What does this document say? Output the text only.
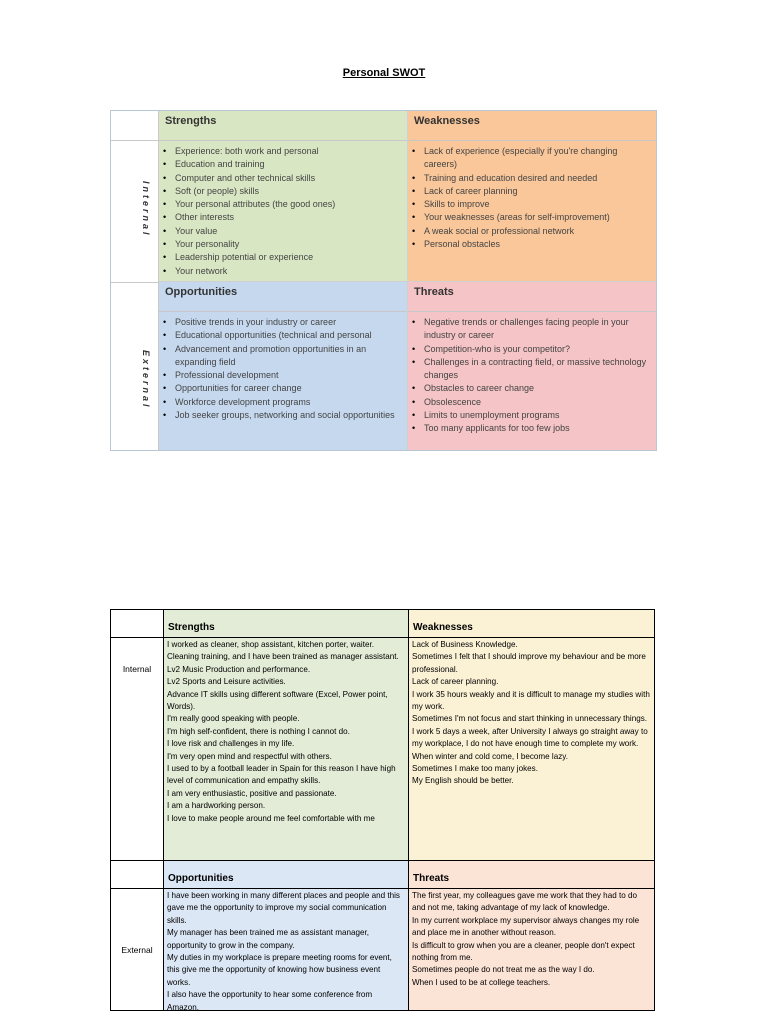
Personal SWOT
Internal
External
Strengths
• Experience: both work and personal
• Education and training
• Computer and other technical skills
• Soft (or people) skills
• Your personal attributes (the good ones)
• Other interests
• Your value
• Your personality
• Leadership potential or experience
• Your network
Weaknesses
• Lack of experience (especially if you're changing careers)
• Training and education desired and needed
• Lack of career planning
• Skills to improve
• Your weaknesses (areas for self-improvement)
• A weak social or professional network
• Personal obstacles
Opportunities
• Positive trends in your industry or career
• Educational opportunities (technical and personal
• Advancement and promotion opportunities in an expanding field
• Professional development
• Opportunities for career change
• Workforce development programs
• Job seeker groups, networking and social opportunities
Threats
• Negative trends or challenges facing people in your industry or career
• Competition-who is your competitor?
• Challenges in a contracting field, or massive technology changes
• Obstacles to career change
• Obsolescence
• Limits to unemployment programs
• Too many applicants for too few jobs
Strengths	Weaknesses
Internal
I worked as cleaner, shop assistant, kitchen porter, waiter.
Cleaning training, and I have been trained as manager assistant.
Lv2 Music Production and performance.
Lv2 Sports and Leisure activities.
Advance IT skills using different software (Excel, Power point, Words).
I'm really good speaking with people.
I'm high self-confident, there is nothing I cannot do.
I love risk and challenges in my life.
I'm very open mind and respectful with others.
I used to by a football leader in Spain for this reason I have high level of communication and empathy skills.
I am very enthusiastic, positive and passionate.
I am a hardworking person.
I love to make people around me feel comfortable with me
Lack of Business Knowledge.
Sometimes I felt that I should improve my behaviour and be more professional.
Lack of career planning.
I work 35 hours weakly and it is difficult to manage my studies with my work.
Sometimes I'm not focus and start thinking in unnecessary things.
I work 5 days a week, after University I always go straight away to my workplace, I do not have enough time to complete my work.
When winter and cold come, I become lazy.
Sometimes I make too many jokes.
My English should be better.
Opportunities	Threats
External
I have been working in many different places and people and this gave me the opportunity to improve my social communication skills.
My manager has been trained me as assistant manager, opportunity to grow in the company.
My duties in my workplace is prepare meeting rooms for event, this give me the opportunity of knowing how business event works.
I also have the opportunity to hear some conference from Amazon.
The first year, my colleagues gave me work that they had to do and not me, taking advantage of my lack of knowledge.
In my current workplace my supervisor always changes my role and place me in another without reason.
Is difficult to grow when you are a cleaner, people don't expect nothing from me.
Sometimes people do not treat me as the way I do.
When I used to be at college teachers.
